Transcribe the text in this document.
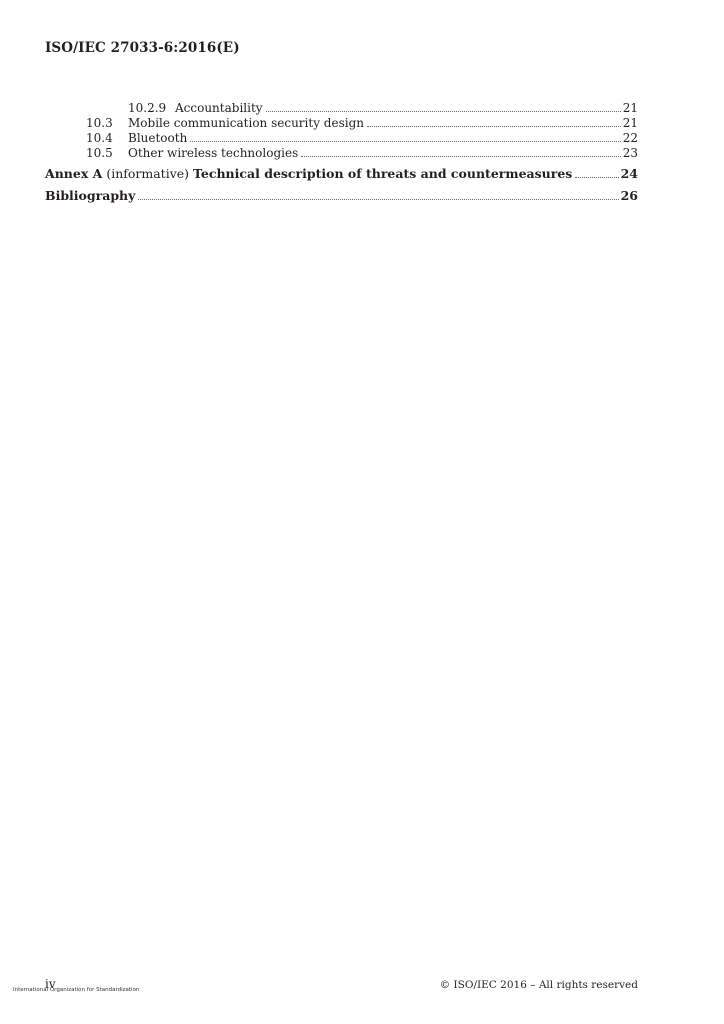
ISO/IEC 27033-6:2016(E)
10.2.9 Accountability	21
10.3	Mobile communication security design	21
10.4	Bluetooth	22
10.5	Other wireless technologies	23
Annex A (informative) Technical description of threats and countermeasures	24
Bibliography	26
iv
International Organization for Standardization	© ISO/IEC 2016 – All rights reserved
